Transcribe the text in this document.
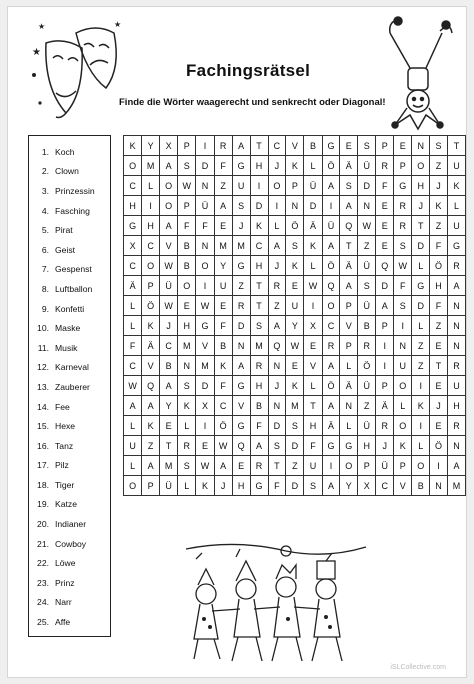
★
★	★
Fachingsrätsel
Finde die Wörter waagerecht und senkrecht oder Diagonal!
1. Koch
2. Clown
3. Prinzessin
4. Fasching
5. Pirat
6. Geist
7. Gespenst
8. Luftballon
9. Konfetti
10. Maske
11. Musik
12. Karneval
13. Zauberer
14. Fee
15. Hexe
16. Tanz
17. Pilz
18. Tiger
19. Katze
20. Indianer
21. Cowboy
22. Löwe
23. Prinz
24. Narr
25. Affe
K	Y	X	P	I	R	A	T	C	V	B	G	E	S	P	E	N	S	T
O	M	A	S	D	F	G	H	J	K	L	Ö	Ä	Ü	R	P	O	Z	U
C	L	O	W	N	Z	U	I	O	P	Ü	A	S	D	F	G	H	J	K
H	I	O	P	Ü	A	S	D	I	N	D	I	A	N	E	R	J	K	L
G	H	A	F	F	E	J	K	L	Ö	Ä	Ü	Q	W	E	R	T	Z	U
X	C	V	B	N	M	M	C	A	S	K	A	T	Z	E	S	D	F	G
C	O	W	B	O	Y	G	H	J	K	L	Ö	Ä	Ü	Q	W	L	Ö	R
Ä	P	Ü	O	I	U	Z	T	R	E	W	Q	A	S	D	F	G	H	A
L	Ö	W	E	W	E	R	T	Z	U	I	O	P	Ü	A	S	D	F	N
L	K	J	H	G	F	D	S	A	Y	X	C	V	B	P	I	L	Z	N
F	Ä	C	M	V	B	N	M	Q	W	E	R	P	R	I	N	Z	E	N
C	V	B	N	M	K	A	R	N	E	V	A	L	Ö	I	U	Z	T	R
W	Q	A	S	D	F	G	H	J	K	L	Ö	Ä	Ü	P	O	I	E	U
A	A	Y	K	X	C	V	B	N	M	T	A	N	Z	Ä	L	K	J	H
L	K	E	L	I	Ö	G	F	D	S	H	Ä	L	Ü	R	O	I	E	R
U	Z	T	R	E	W	Q	A	S	D	F	G	G	H	J	K	L	Ö	N
L	A	M	S	W	A	E	R	T	Z	U	I	O	P	Ü	P	O	I	A
O	P	Ü	L	K	J	H	G	F	D	S	A	Y	X	C	V	B	N	M
iSLCollective.com
